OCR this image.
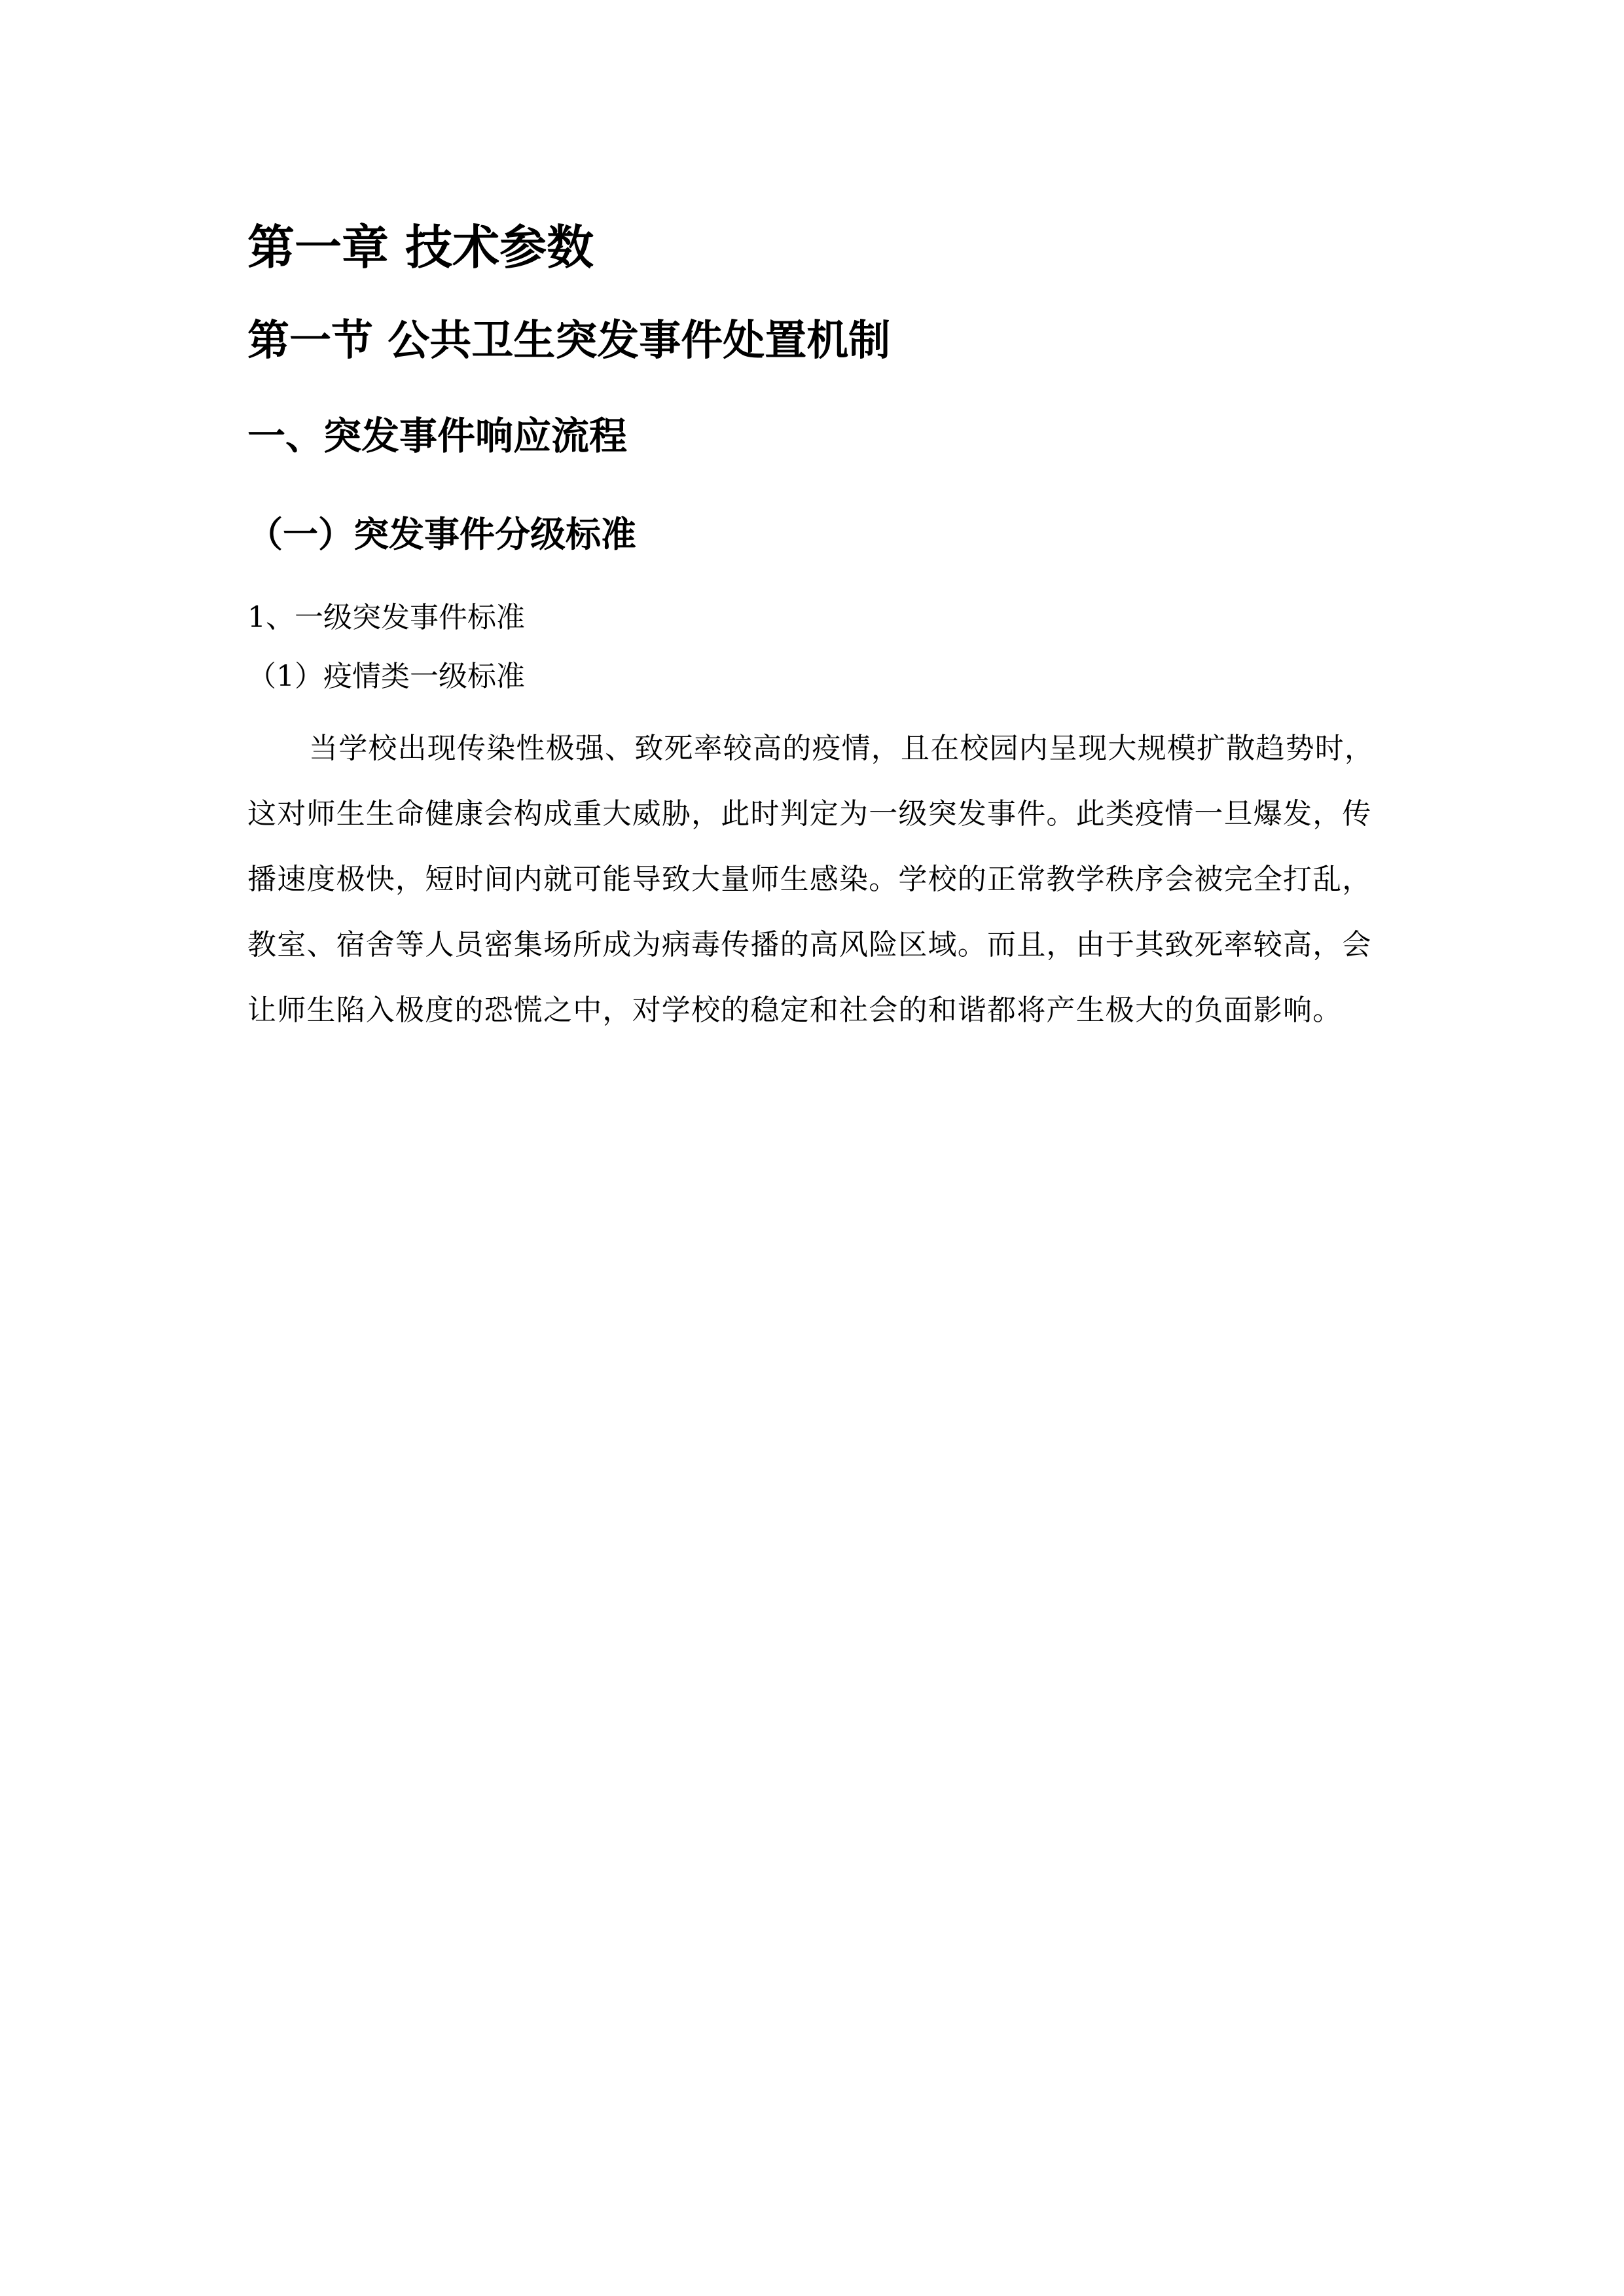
第一章 技术参数
第一节 公共卫生突发事件处置机制
一、突发事件响应流程
（一）突发事件分级标准
1、一级突发事件标准
（1）疫情类一级标准

当学校出现传染性极强、致死率较高的疫情，且在校园内呈现大规模扩散趋势时，这对师生生命健康会构成重大威胁，此时判定为一级突发事件。此类疫情一旦爆发，传播速度极快，短时间内就可能导致大量师生感染。学校的正常教学秩序会被完全打乱，教室、宿舍等人员密集场所成为病毒传播的高风险区域。而且，由于其致死率较高，会让师生陷入极度的恐慌之中，对学校的稳定和社会的和谐都将产生极大的负面影响。
